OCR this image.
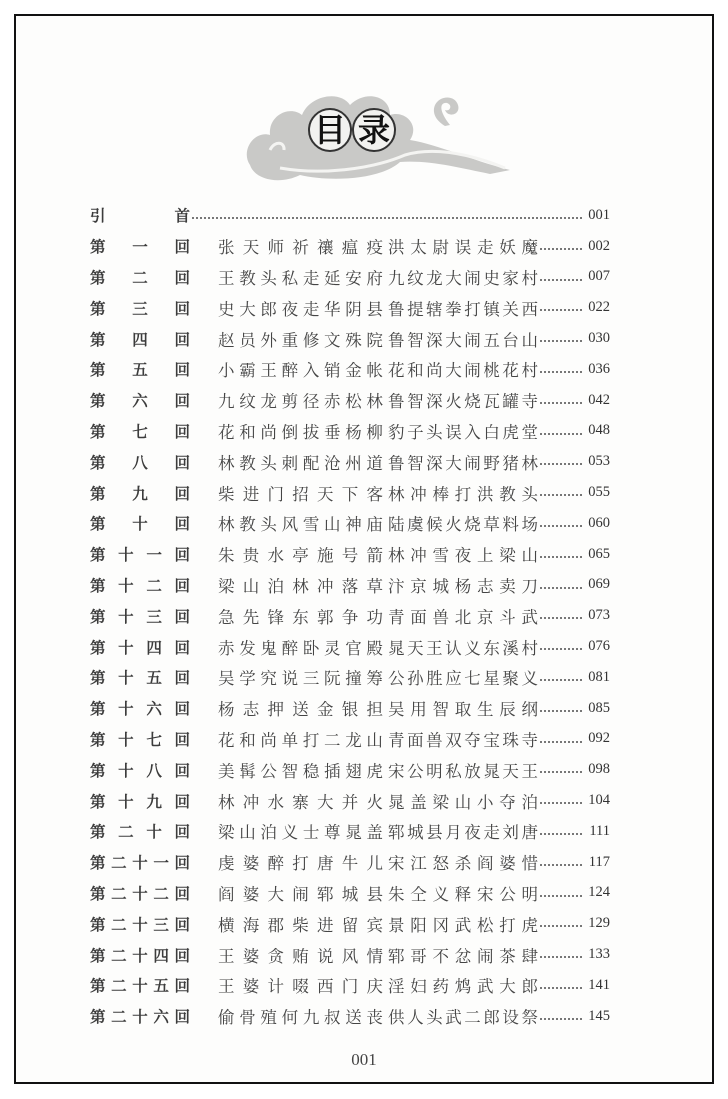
目 录
引	首	001
第 一 回 张 天 师 祈 禳 瘟 疫 洪 太 尉 误 走 妖 魔	002
第 二 回 王 教 头 私 走 延 安 府 九 纹 龙 大 闹 史 家 村	007
第 三 回 史 大 郎 夜 走 华 阴 县 鲁 提 辖 拳 打 镇 关 西	022
第 四 回 赵 员 外 重 修 文 殊 院 鲁 智 深 大 闹 五 台 山	030
第 五 回 小 霸 王 醉 入 销 金 帐 花 和 尚 大 闹 桃 花 村	036
第 六 回 九 纹 龙 剪 径 赤 松 林 鲁 智 深 火 烧 瓦 罐 寺	042
第 七 回 花 和 尚 倒 拔 垂 杨 柳 豹 子 头 误 入 白 虎 堂	048
第 八 回 林 教 头 刺 配 沧 州 道 鲁 智 深 大 闹 野 猪 林	053
第 九 回 柴 进 门 招 天 下 客 林 冲 棒 打 洪 教 头	055
第 十 回 林 教 头 风 雪 山 神 庙 陆 虞 候 火 烧 草 料 场	060
第 十 一 回 朱 贵 水 亭 施 号 箭 林 冲 雪 夜 上 梁 山	065
第 十 二 回 梁 山 泊 林 冲 落 草 汴 京 城 杨 志 卖 刀	069
第 十 三 回 急 先 锋 东 郭 争 功 青 面 兽 北 京 斗 武	073
第 十 四 回 赤 发 鬼 醉 卧 灵 官 殿 晁 天 王 认 义 东 溪 村	076
第 十 五 回 吴 学 究 说 三 阮 撞 筹 公 孙 胜 应 七 星 聚 义	081
第 十 六 回 杨 志 押 送 金 银 担 吴 用 智 取 生 辰 纲	085
第 十 七 回 花 和 尚 单 打 二 龙 山 青 面 兽 双 夺 宝 珠 寺	092
第 十 八 回 美 髯 公 智 稳 插 翅 虎 宋 公 明 私 放 晁 天 王	098
第 十 九 回 林 冲 水 寨 大 并 火 晁 盖 梁 山 小 夺 泊	104
第 二 十 回 梁 山 泊 义 士 尊 晁 盖 郓 城 县 月 夜 走 刘 唐	111
第 二 十 一 回 虔 婆 醉 打 唐 牛 儿 宋 江 怒 杀 阎 婆 惜	117
第 二 十 二 回 阎 婆 大 闹 郓 城 县 朱 仝 义 释 宋 公 明	124
第 二 十 三 回 横 海 郡 柴 进 留 宾 景 阳 冈 武 松 打 虎	129
第 二 十 四 回 王 婆 贪 贿 说 风 情 郓 哥 不 忿 闹 茶 肆	133
第 二 十 五 回 王 婆 计 啜 西 门 庆 淫 妇 药 鸩 武 大 郎	141
第 二 十 六 回 偷 骨 殖 何 九 叔 送 丧 供 人 头 武 二 郎 设 祭	145
001
